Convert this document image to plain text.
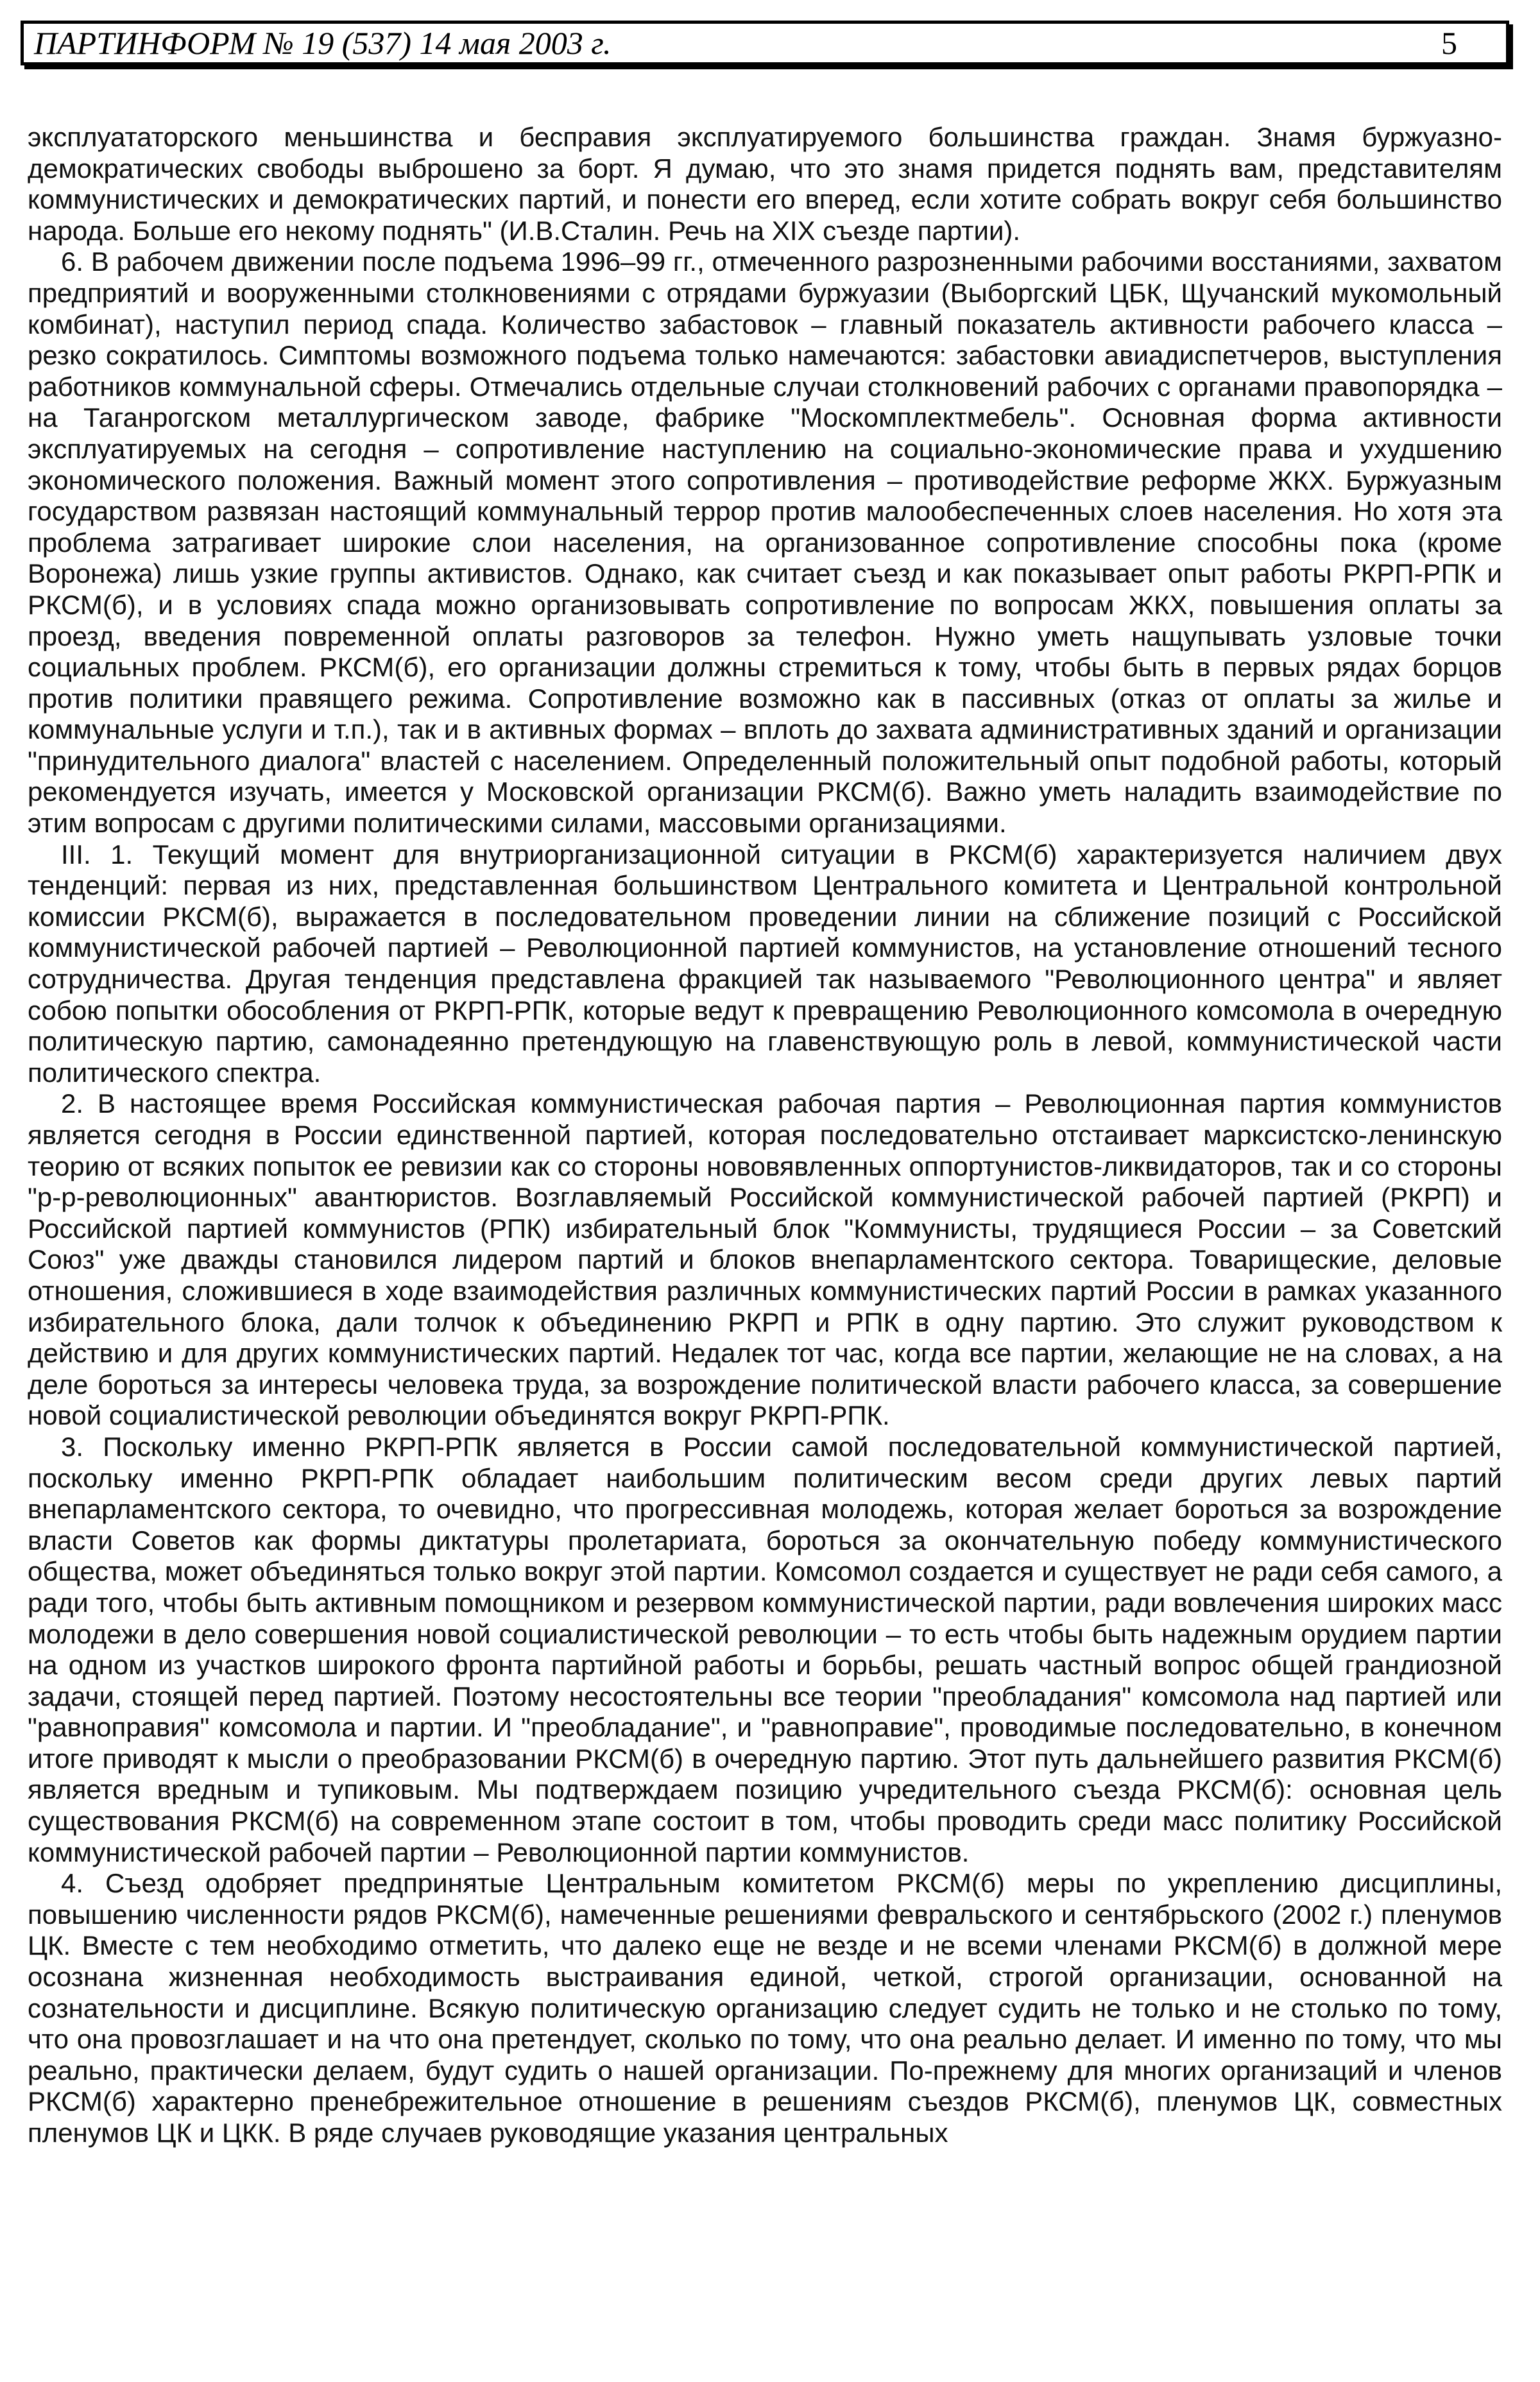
ПАРТИНФОРМ № 19 (537) 14 мая 2003 г.	5

эксплуататорского меньшинства и бесправия эксплуатируемого большинства граждан. Знамя буржуазно-демократических свободы выброшено за борт. Я думаю, что это знамя придется поднять вам, представителям коммунистических и демократических партий, и понести его вперед, если хотите собрать вокруг себя большинство народа. Больше его некому поднять" (И.В.Сталин. Речь на XIX съезде партии).

6. В рабочем движении после подъема 1996–99 гг., отмеченного разрозненными рабочими восстаниями, захватом предприятий и вооруженными столкновениями с отрядами буржуазии (Выборгский ЦБК, Щучанский мукомольный комбинат), наступил период спада. Количество забастовок – главный показатель активности рабочего класса – резко сократилось. Симптомы возможного подъема только намечаются: забастовки авиадиспетчеров, выступления работников коммунальной сферы. Отмечались отдельные случаи столкновений рабочих с органами правопорядка – на Таганрогском металлургическом заводе, фабрике "Москомплектмебель". Основная форма активности эксплуатируемых на сегодня – сопротивление наступлению на социально-экономические права и ухудшению экономического положения. Важный момент этого сопротивления – противодействие реформе ЖКХ. Буржуазным государством развязан настоящий коммунальный террор против малообеспеченных слоев населения. Но хотя эта проблема затрагивает широкие слои населения, на организованное сопротивление способны пока (кроме Воронежа) лишь узкие группы активистов. Однако, как считает съезд и как показывает опыт работы РКРП-РПК и РКСМ(б), и в условиях спада можно организовывать сопротивление по вопросам ЖКХ, повышения оплаты за проезд, введения повременной оплаты разговоров за телефон. Нужно уметь нащупывать узловые точки социальных проблем. РКСМ(б), его организации должны стремиться к тому, чтобы быть в первых рядах борцов против политики правящего режима. Сопротивление возможно как в пассивных (отказ от оплаты за жилье и коммунальные услуги и т.п.), так и в активных формах – вплоть до захвата административных зданий и организации "принудительного диалога" властей с населением. Определенный положительный опыт подобной работы, который рекомендуется изучать, имеется у Московской организации РКСМ(б). Важно уметь наладить взаимодействие по этим вопросам с другими политическими силами, массовыми организациями.

III. 1. Текущий момент для внутриорганизационной ситуации в РКСМ(б) характеризуется наличием двух тенденций: первая из них, представленная большинством Центрального комитета и Центральной контрольной комиссии РКСМ(б), выражается в последовательном проведении линии на сближение позиций с Российской коммунистической рабочей партией – Революционной партией коммунистов, на установление отношений тесного сотрудничества. Другая тенденция представлена фракцией так называемого "Революционного центра" и являет собою попытки обособления от РКРП-РПК, которые ведут к превращению Революционного комсомола в очередную политическую партию, самонадеянно претендующую на главенствующую роль в левой, коммунистической части политического спектра.

2. В настоящее время Российская коммунистическая рабочая партия – Революционная партия коммунистов является сегодня в России единственной партией, которая последовательно отстаивает марксистско-ленинскую теорию от всяких попыток ее ревизии как со стороны нововявленных оппортунистов-ликвидаторов, так и со стороны "р-р-революционных" авантюристов. Возглавляемый Российской коммунистической рабочей партией (РКРП) и Российской партией коммунистов (РПК) избирательный блок "Коммунисты, трудящиеся России – за Советский Союз" уже дважды становился лидером партий и блоков внепарламентского сектора. Товарищеские, деловые отношения, сложившиеся в ходе взаимодействия различных коммунистических партий России в рамках указанного избирательного блока, дали толчок к объединению РКРП и РПК в одну партию. Это служит руководством к действию и для других коммунистических партий. Недалек тот час, когда все партии, желающие не на словах, а на деле бороться за интересы человека труда, за возрождение политической власти рабочего класса, за совершение новой социалистической революции объединятся вокруг РКРП-РПК.

3. Поскольку именно РКРП-РПК является в России самой последовательной коммунистической партией, поскольку именно РКРП-РПК обладает наибольшим политическим весом среди других левых партий внепарламентского сектора, то очевидно, что прогрессивная молодежь, которая желает бороться за возрождение власти Советов как формы диктатуры пролетариата, бороться за окончательную победу коммунистического общества, может объединяться только вокруг этой партии. Комсомол создается и существует не ради себя самого, а ради того, чтобы быть активным помощником и резервом коммунистической партии, ради вовлечения широких масс молодежи в дело совершения новой социалистической революции – то есть чтобы быть надежным орудием партии на одном из участков широкого фронта партийной работы и борьбы, решать частный вопрос общей грандиозной задачи, стоящей перед партией. Поэтому несостоятельны все теории "преобладания" комсомола над партией или "равноправия" комсомола и партии. И "преобладание", и "равноправие", проводимые последовательно, в конечном итоге приводят к мысли о преобразовании РКСМ(б) в очередную партию. Этот путь дальнейшего развития РКСМ(б) является вредным и тупиковым. Мы подтверждаем позицию учредительного съезда РКСМ(б): основная цель существования РКСМ(б) на современном этапе состоит в том, чтобы проводить среди масс политику Российской коммунистической рабочей партии – Революционной партии коммунистов.

4. Съезд одобряет предпринятые Центральным комитетом РКСМ(б) меры по укреплению дисциплины, повышению численности рядов РКСМ(б), намеченные решениями февральского и сентябрьского (2002 г.) пленумов ЦК. Вместе с тем необходимо отметить, что далеко еще не везде и не всеми членами РКСМ(б) в должной мере осознана жизненная необходимость выстраивания единой, четкой, строгой организации, основанной на сознательности и дисциплине. Всякую политическую организацию следует судить не только и не столько по тому, что она провозглашает и на что она претендует, сколько по тому, что она реально делает. И именно по тому, что мы реально, практически делаем, будут судить о нашей организации. По-прежнему для многих организаций и членов РКСМ(б) характерно пренебрежительное отношение в решениям съездов РКСМ(б), пленумов ЦК, совместных пленумов ЦК и ЦКК. В ряде случаев руководящие указания центральных
